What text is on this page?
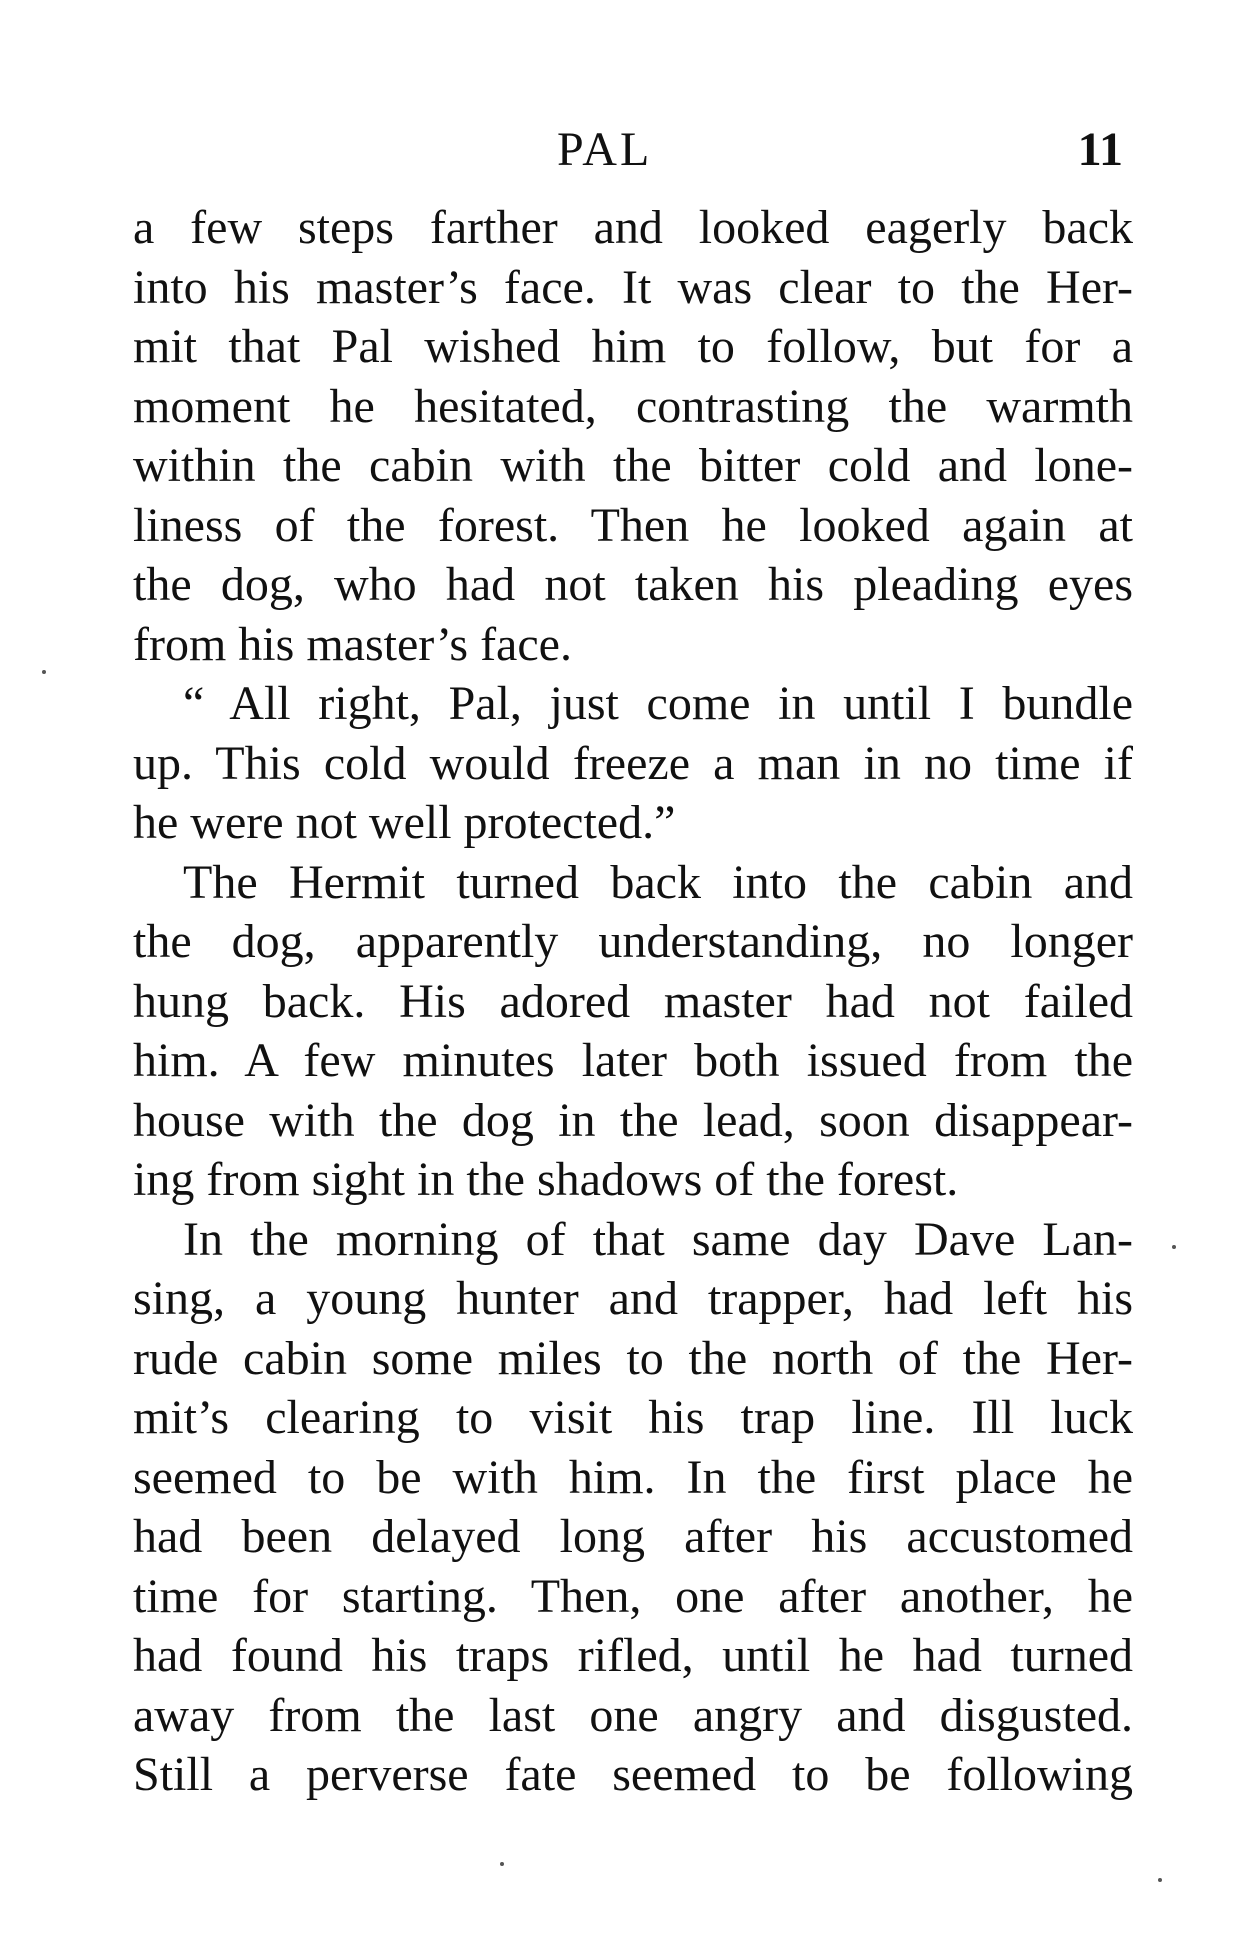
PAL	11
a few steps farther and looked eagerly back
into his master’s face. It was clear to the Her-
mit that Pal wished him to follow, but for a
moment he hesitated, contrasting the warmth
within the cabin with the bitter cold and lone-
liness of the forest. Then he looked again at
the dog, who had not taken his pleading eyes
from his master’s face.
“ All right, Pal, just come in until I bundle
up. This cold would freeze a man in no time if
he were not well protected.”
The Hermit turned back into the cabin and
the dog, apparently understanding, no longer
hung back. His adored master had not failed
him. A few minutes later both issued from the
house with the dog in the lead, soon disappear-
ing from sight in the shadows of the forest.
In the morning of that same day Dave Lan-
sing, a young hunter and trapper, had left his
rude cabin some miles to the north of the Her-
mit’s clearing to visit his trap line. Ill luck
seemed to be with him. In the first place he
had been delayed long after his accustomed
time for starting. Then, one after another, he
had found his traps rifled, until he had turned
away from the last one angry and disgusted.
Still a perverse fate seemed to be following
